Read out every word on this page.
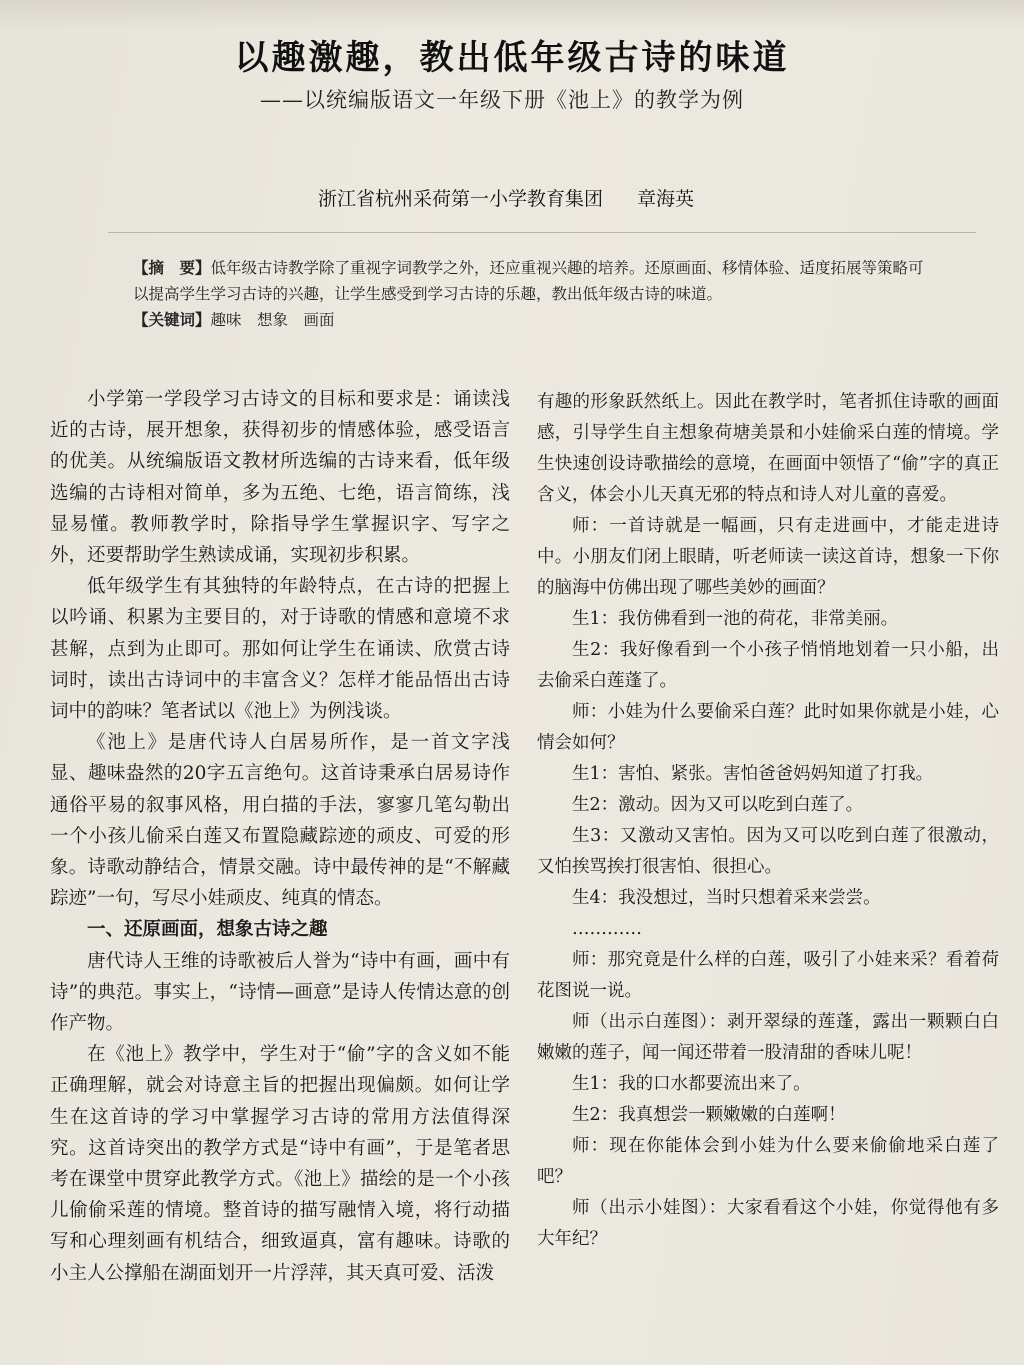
以趣激趣，教出低年级古诗的味道
——以统编版语文一年级下册《池上》的教学为例
浙江省杭州采荷第一小学教育集团 章海英

【摘　要】低年级古诗教学除了重视字词教学之外，还应重视兴趣的培养。还原画面、移情体验、适度拓展等策略可以提高学生学习古诗的兴趣，让学生感受到学习古诗的乐趣，教出低年级古诗的味道。

【关键词】趣味　想象　画面

小学第一学段学习古诗文的目标和要求是：诵读浅近的古诗，展开想象，获得初步的情感体验，感受语言的优美。从统编版语文教材所选编的古诗来看，低年级选编的古诗相对简单，多为五绝、七绝，语言简练，浅显易懂。教师教学时，除指导学生掌握识字、写字之外，还要帮助学生熟读成诵，实现初步积累。

低年级学生有其独特的年龄特点，在古诗的把握上以吟诵、积累为主要目的，对于诗歌的情感和意境不求甚解，点到为止即可。那如何让学生在诵读、欣赏古诗词时，读出古诗词中的丰富含义？怎样才能品悟出古诗词中的韵味？笔者试以《池上》为例浅谈。

《池上》是唐代诗人白居易所作，是一首文字浅显、趣味盎然的20字五言绝句。这首诗秉承白居易诗作通俗平易的叙事风格，用白描的手法，寥寥几笔勾勒出一个小孩儿偷采白莲又布置隐藏踪迹的顽皮、可爱的形象。诗歌动静结合，情景交融。诗中最传神的是“不解藏踪迹”一句，写尽小娃顽皮、纯真的情态。

一、还原画面，想象古诗之趣

唐代诗人王维的诗歌被后人誉为“诗中有画，画中有诗”的典范。事实上，“诗情—画意”是诗人传情达意的创作产物。

在《池上》教学中，学生对于“偷”字的含义如不能正确理解，就会对诗意主旨的把握出现偏颇。如何让学生在这首诗的学习中掌握学习古诗的常用方法值得深究。这首诗突出的教学方式是“诗中有画”，于是笔者思考在课堂中贯穿此教学方式。《池上》描绘的是一个小孩儿偷偷采莲的情境。整首诗的描写融情入境，将行动描写和心理刻画有机结合，细致逼真，富有趣味。诗歌的小主人公撑船在湖面划开一片浮萍，其天真可爱、活泼

有趣的形象跃然纸上。因此在教学时，笔者抓住诗歌的画面感，引导学生自主想象荷塘美景和小娃偷采白莲的情境。学生快速创设诗歌描绘的意境，在画面中领悟了“偷”字的真正含义，体会小儿天真无邪的特点和诗人对儿童的喜爱。

师：一首诗就是一幅画，只有走进画中，才能走进诗中。小朋友们闭上眼睛，听老师读一读这首诗，想象一下你的脑海中仿佛出现了哪些美妙的画面？

生1：我仿佛看到一池的荷花，非常美丽。

生2：我好像看到一个小孩子悄悄地划着一只小船，出去偷采白莲蓬了。

师：小娃为什么要偷采白莲？此时如果你就是小娃，心情会如何？

生1：害怕、紧张。害怕爸爸妈妈知道了打我。

生2：激动。因为又可以吃到白莲了。

生3：又激动又害怕。因为又可以吃到白莲了很激动，又怕挨骂挨打很害怕、很担心。

生4：我没想过，当时只想着采来尝尝。

…………

师：那究竟是什么样的白莲，吸引了小娃来采？看着荷花图说一说。

师（出示白莲图）：剥开翠绿的莲蓬，露出一颗颗白白嫩嫩的莲子，闻一闻还带着一股清甜的香味儿呢！

生1：我的口水都要流出来了。

生2：我真想尝一颗嫩嫩的白莲啊！

师：现在你能体会到小娃为什么要来偷偷地采白莲了吧？

师（出示小娃图）：大家看看这个小娃，你觉得他有多大年纪？
